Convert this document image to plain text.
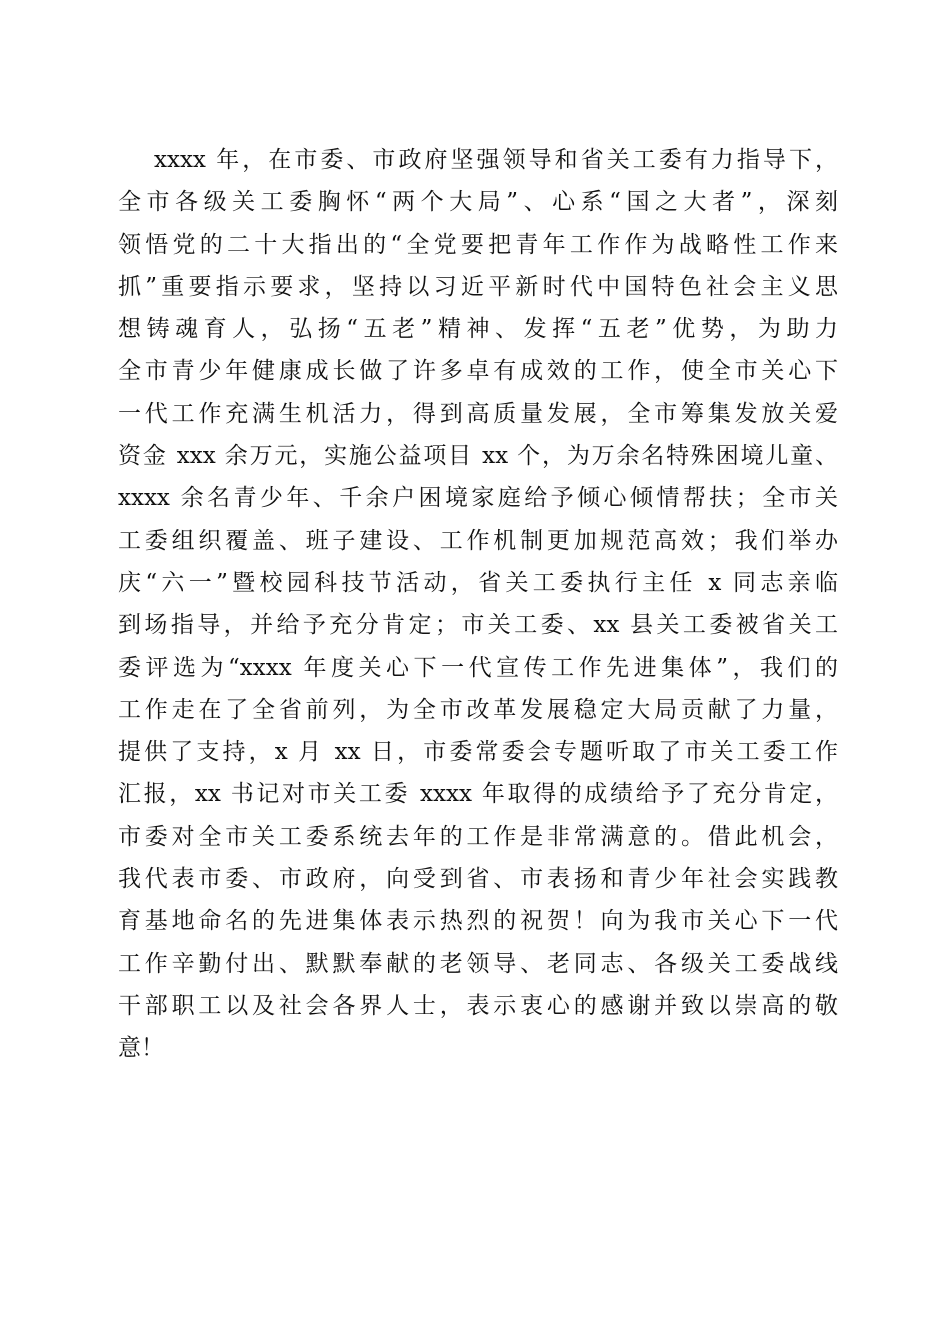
xxxx 年，在市委、市政府坚强领导和省关工委有力指导下，
全市各级关工委胸怀“两个大局”、心系“国之大者”，深刻
领悟党的二十大指出的“全党要把青年工作作为战略性工作来
抓”重要指示要求，坚持以习近平新时代中国特色社会主义思
想铸魂育人，弘扬“五老”精神、发挥“五老”优势，为助力
全市青少年健康成长做了许多卓有成效的工作，使全市关心下
一代工作充满生机活力，得到高质量发展，全市筹集发放关爱
资金 xxx 余万元，实施公益项目 xx 个，为万余名特殊困境儿童、
xxxx 余名青少年、千余户困境家庭给予倾心倾情帮扶；全市关
工委组织覆盖、班子建设、工作机制更加规范高效；我们举办
庆“六一”暨校园科技节活动，省关工委执行主任 x 同志亲临
到场指导，并给予充分肯定；市关工委、xx 县关工委被省关工
委评选为“xxxx 年度关心下一代宣传工作先进集体”，我们的
工作走在了全省前列，为全市改革发展稳定大局贡献了力量，
提供了支持，x 月 xx 日，市委常委会专题听取了市关工委工作
汇报，xx 书记对市关工委 xxxx 年取得的成绩给予了充分肯定，
市委对全市关工委系统去年的工作是非常满意的。借此机会，
我代表市委、市政府，向受到省、市表扬和青少年社会实践教
育基地命名的先进集体表示热烈的祝贺！向为我市关心下一代
工作辛勤付出、默默奉献的老领导、老同志、各级关工委战线
干部职工以及社会各界人士，表示衷心的感谢并致以崇高的敬
意！
